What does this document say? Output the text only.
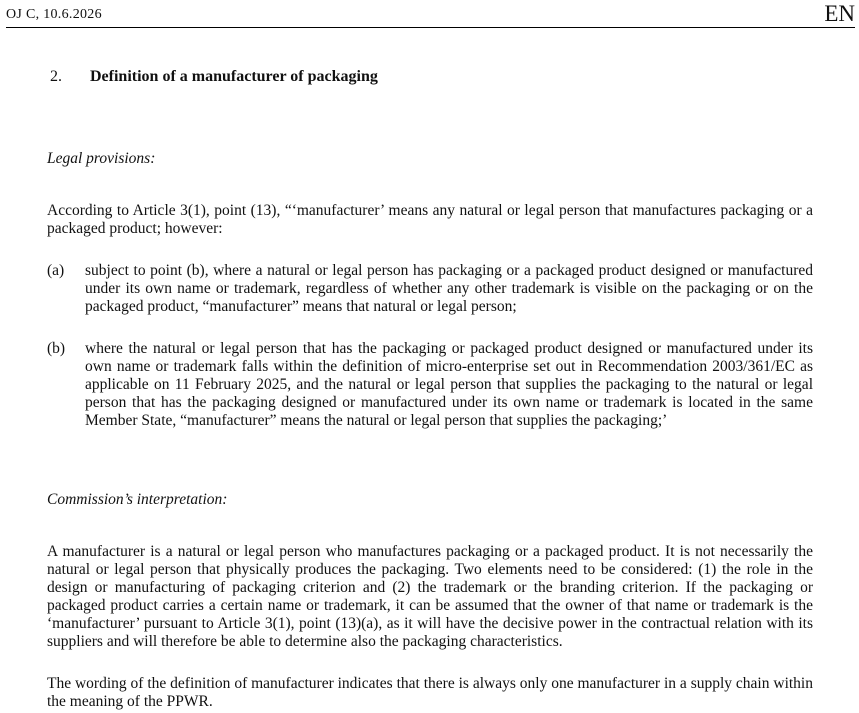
OJ C, 10.6.2026	EN
2. Definition of a manufacturer of packaging
Legal provisions:
According to Article 3(1), point (13), “‘manufacturer’ means any natural or legal person that manufactures packaging or a packaged product; however:
(a) subject to point (b), where a natural or legal person has packaging or a packaged product designed or manufactured under its own name or trademark, regardless of whether any other trademark is visible on the packaging or on the packaged product, “manufacturer” means that natural or legal person;
(b) where the natural or legal person that has the packaging or packaged product designed or manufactured under its own name or trademark falls within the definition of micro-enterprise set out in Recommendation 2003/361/EC as applicable on 11 February 2025, and the natural or legal person that supplies the packaging to the natural or legal person that has the packaging designed or manufactured under its own name or trademark is located in the same Member State, “manufacturer” means the natural or legal person that supplies the packaging;’
Commission’s interpretation:
A manufacturer is a natural or legal person who manufactures packaging or a packaged product. It is not necessarily the natural or legal person that physically produces the packaging. Two elements need to be considered: (1) the role in the design or manufacturing of packaging criterion and (2) the trademark or the branding criterion. If the packaging or packaged product carries a certain name or trademark, it can be assumed that the owner of that name or trademark is the ‘manufacturer’ pursuant to Article 3(1), point (13)(a), as it will have the decisive power in the contractual relation with its suppliers and will therefore be able to determine also the packaging characteristics.
The wording of the definition of manufacturer indicates that there is always only one manufacturer in a supply chain within the meaning of the PPWR.
